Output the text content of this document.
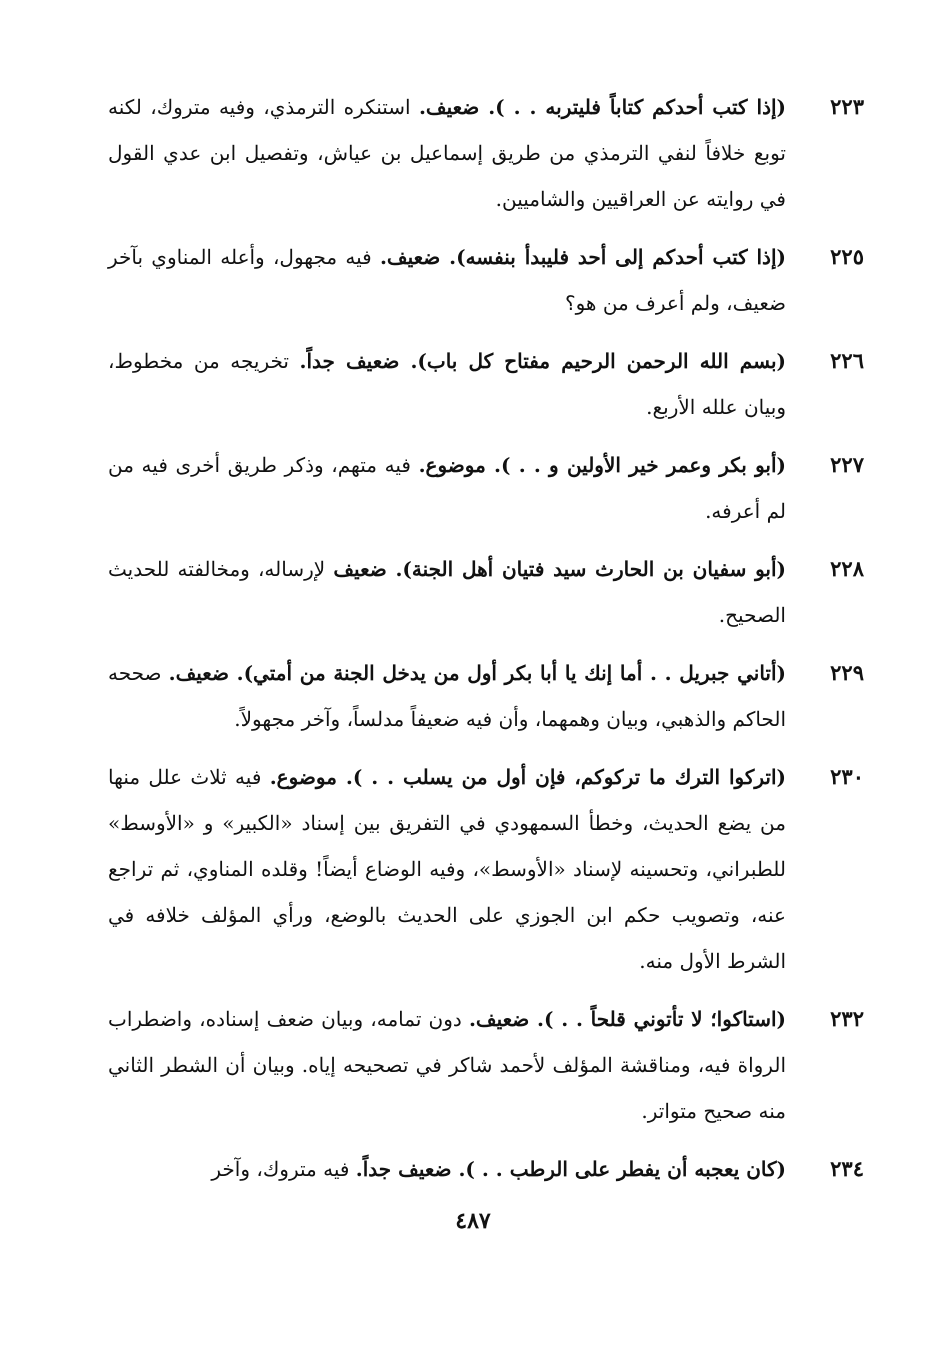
٢٢٣
(إذا كتب أحدكم كتاباً فليتربه . . ). ضعيف. استنكره الترمذي، وفيه متروك، لكنه توبع خلافاً لنفي الترمذي من طريق إسماعيل بن عياش، وتفصيل ابن عدي القول في روايته عن العراقيين والشاميين.
٢٢٥
(إذا كتب أحدكم إلى أحد فليبدأ بنفسه). ضعيف. فيه مجهول، وأعله المناوي بآخر ضعيف، ولم أعرف من هو؟
٢٢٦
(بسم الله الرحمن الرحيم مفتاح كل باب). ضعيف جداً. تخريجه من مخطوط، وبيان علله الأربع.
٢٢٧
(أبو بكر وعمر خير الأولين و . . ). موضوع. فيه متهم، وذكر طريق أخرى فيه من لم أعرفه.
٢٢٨
(أبو سفيان بن الحارث سيد فتيان أهل الجنة). ضعيف لإرساله، ومخالفته للحديث الصحيح.
٢٢٩
(أتاني جبريل . . أما إنك يا أبا بكر أول من يدخل الجنة من أمتي). ضعيف. صححه الحاكم والذهبي، وبيان وهمهما، وأن فيه ضعيفاً مدلساً، وآخر مجهولاً.
٢٣٠
(اتركوا الترك ما تركوكم، فإن أول من يسلب . . ). موضوع. فيه ثلاث علل منها من يضع الحديث، وخطأ السمهودي في التفريق بين إسناد «الكبير» و «الأوسط» للطبراني، وتحسينه لإسناد «الأوسط»، وفيه الوضاع أيضاً! وقلده المناوي، ثم تراجع عنه، وتصويب حكم ابن الجوزي على الحديث بالوضع، ورأي المؤلف خلافه في الشرط الأول منه.
٢٣٢
(استاكوا؛ لا تأتوني قلحاً . . ). ضعيف. دون تمامه، وبيان ضعف إسناده، واضطراب الرواة فيه، ومناقشة المؤلف لأحمد شاكر في تصحيحه إياه. وبيان أن الشطر الثاني منه صحيح متواتر.
٢٣٤
(كان يعجبه أن يفطر على الرطب . . ). ضعيف جداً. فيه متروك، وآخر
٤٨٧
